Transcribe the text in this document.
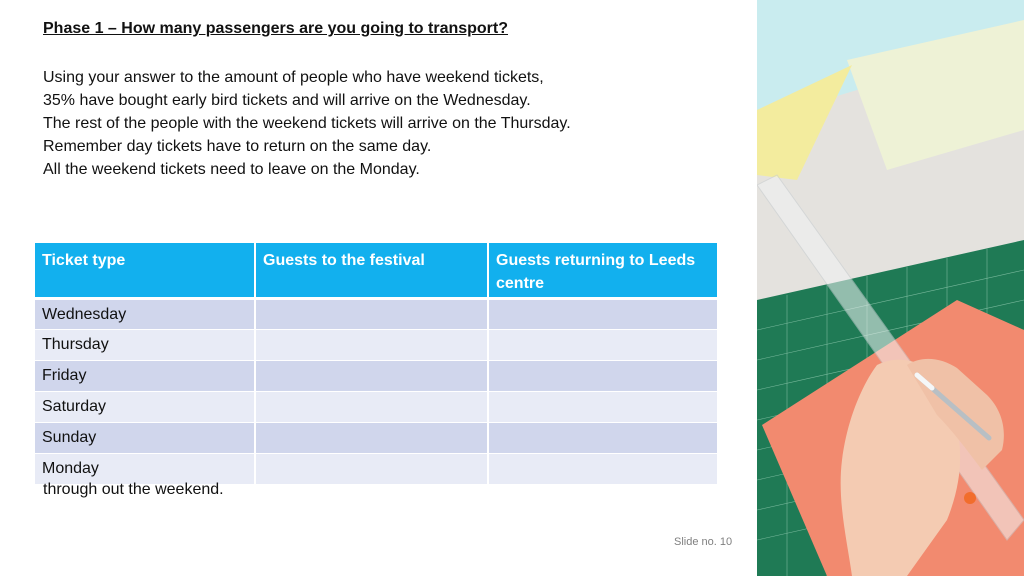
Phase 1 – How many passengers are you going to transport?
Using your answer to the amount of people who have weekend tickets,
35% have bought early bird tickets and will arrive on the Wednesday.
The rest of the people with the weekend tickets will arrive on the Thursday.
Remember day tickets have to return on the same day.
All the weekend tickets need to leave on the Monday.
Ticket type	Guests to the festival	Guests returning to Leeds centre
Wednesday		
Thursday		
Friday		
Saturday		
Sunday		
Monday		
through out the weekend.
Slide no. 10
